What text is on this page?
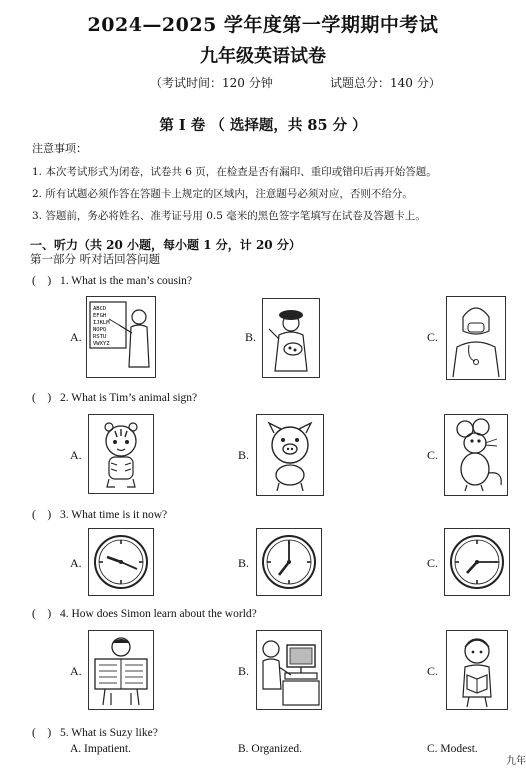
2024—2025 学年度第一学期期中考试
九年级英语试卷
（考试时间：120 分钟	试题总分：140 分）
第 I 卷 （ 选择题，共 85 分 ）
注意事项：
1. 本次考试形式为闭卷，试卷共 6 页，在检查是否有漏印、重印或错印后再开始答题。
2. 所有试题必须作答在答题卡上规定的区域内，注意题号必须对应，否则不给分。
3. 答题前，务必将姓名、准考证号用 0.5 毫米的黑色签字笔填写在试卷及答题卡上。
一、听力（共 20 小题，每小题 1 分，计 20 分）
第一部分 听对话回答问题
(　) 1. What is the man’s cousin?
A.
ABCD
EFGH
IJKLM
NOPQ
RSTU
VWXYZ	B.	C.
(　) 2. What is Tim’s animal sign?
A.	B.	C.
(　) 3. What time is it now?
A.	B.	C.
(　) 4. How does Simon learn about the world?
A.	B.	C.
(　) 5. What is Suzy like?
A. Impatient.	B. Organized.	C. Modest.
九年
